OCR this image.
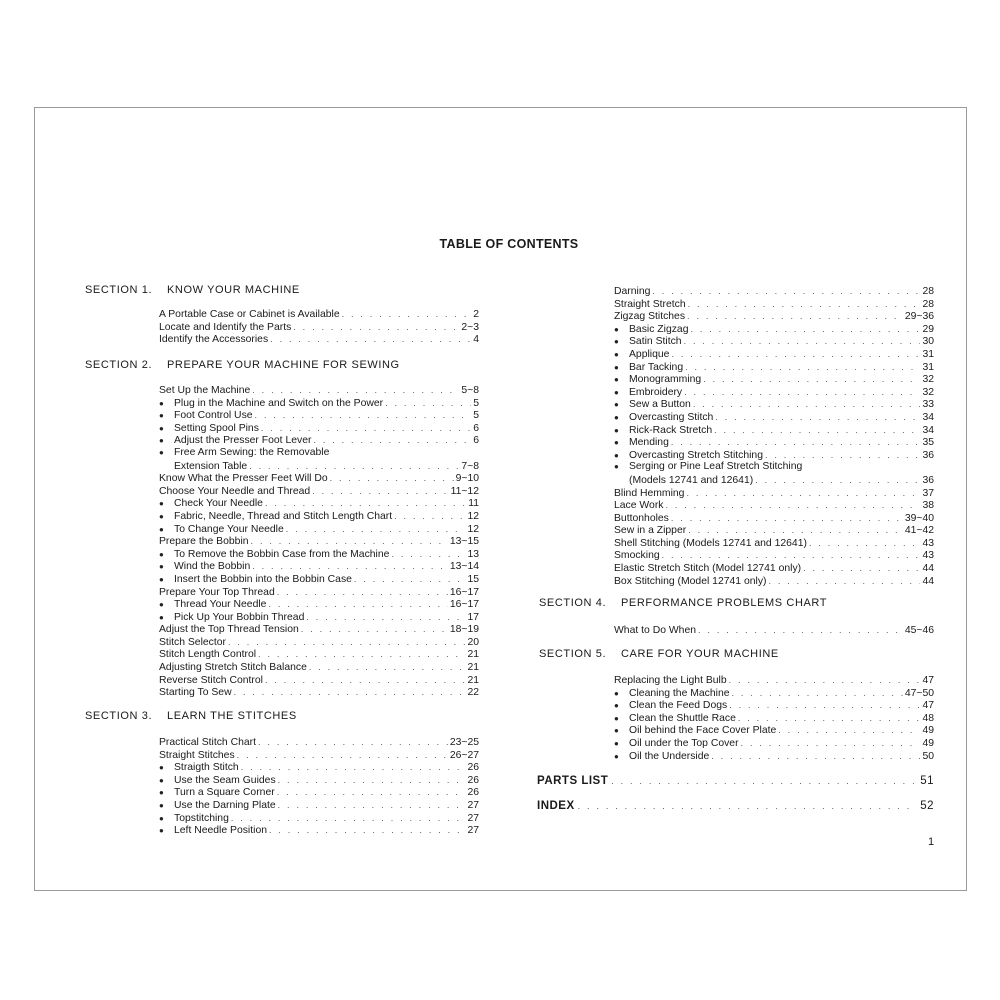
TABLE OF CONTENTS
SECTION 1. KNOW YOUR MACHINE
A Portable Case or Cabinet is Available . . .	2
Locate and Identify the Parts . . .	2~3
Identify the Accessories . . .	4
SECTION 2. PREPARE YOUR MACHINE FOR SEWING
Set Up the Machine . . .	5~8
● Plug in the Machine and Switch on the Power . . .	5
● Foot Control Use . . .	5
● Setting Spool Pins . . .	6
● Adjust the Presser Foot Lever . . .	6
● Free Arm Sewing: the Removable
Extension Table . . .	7~8
Know What the Presser Feet Will Do . . .	9~10
Choose Your Needle and Thread . . .	11~12
● Check Your Needle . . .	11
● Fabric, Needle, Thread and Stitch Length Chart . . .	12
● To Change Your Needle . . .	12
Prepare the Bobbin . . .	13~15
● To Remove the Bobbin Case from the Machine . . .	13
● Wind the Bobbin . . .	13~14
● Insert the Bobbin into the Bobbin Case . . .	15
Prepare Your Top Thread . . .	16~17
● Thread Your Needle . . .	16~17
● Pick Up Your Bobbin Thread . . .	17
Adjust the Top Thread Tension . . .	18~19
Stitch Selector . . .	20
Stitch Length Control . . .	21
Adjusting Stretch Stitch Balance . . .	21
Reverse Stitch Control . . .	21
Starting To Sew . . .	22
SECTION 3. LEARN THE STITCHES
Practical Stitch Chart . . .	23~25
Straight Stitches . . .	26~27
● Straigth Stitch . . .	26
● Use the Seam Guides . . .	26
● Turn a Square Corner . . .	26
● Use the Darning Plate . . .	27
● Topstitching . . .	27
● Left Needle Position . . .	27
Darning . . .	28
Straight Stretch . . .	28
Zigzag Stitches . . .	29~36
● Basic Zigzag . . .	29
● Satin Stitch . . .	30
● Applique . . .	31
● Bar Tacking . . .	31
● Monogramming . . .	32
● Embroidery . . .	32
● Sew a Button . . .	33
● Overcasting Stitch . . .	34
● Rick-Rack Stretch . . .	34
● Mending . . .	35
● Overcasting Stretch Stitching . . .	36
● Serging or Pine Leaf Stretch Stitching
(Models 12741 and 12641) . . .	36
Blind Hemming . . .	37
Lace Work . . .	38
Buttonholes . . .	39~40
Sew in a Zipper . . .	41~42
Shell Stitching (Models 12741 and 12641) . . .	43
Smocking . . .	43
Elastic Stretch Stitch (Model 12741 only) . . .	44
Box Stitching (Model 12741 only) . . .	44
SECTION 4. PERFORMANCE PROBLEMS CHART
What to Do When . . .	45~46
SECTION 5. CARE FOR YOUR MACHINE
Replacing the Light Bulb . . .	47
● Cleaning the Machine . . .	47~50
● Clean the Feed Dogs . . .	47
● Clean the Shuttle Race . . .	48
● Oil behind the Face Cover Plate . . .	49
● Oil under the Top Cover . . .	49
● Oil the Underside . . .	50
PARTS LIST . . .	51
INDEX . . .	52
1
